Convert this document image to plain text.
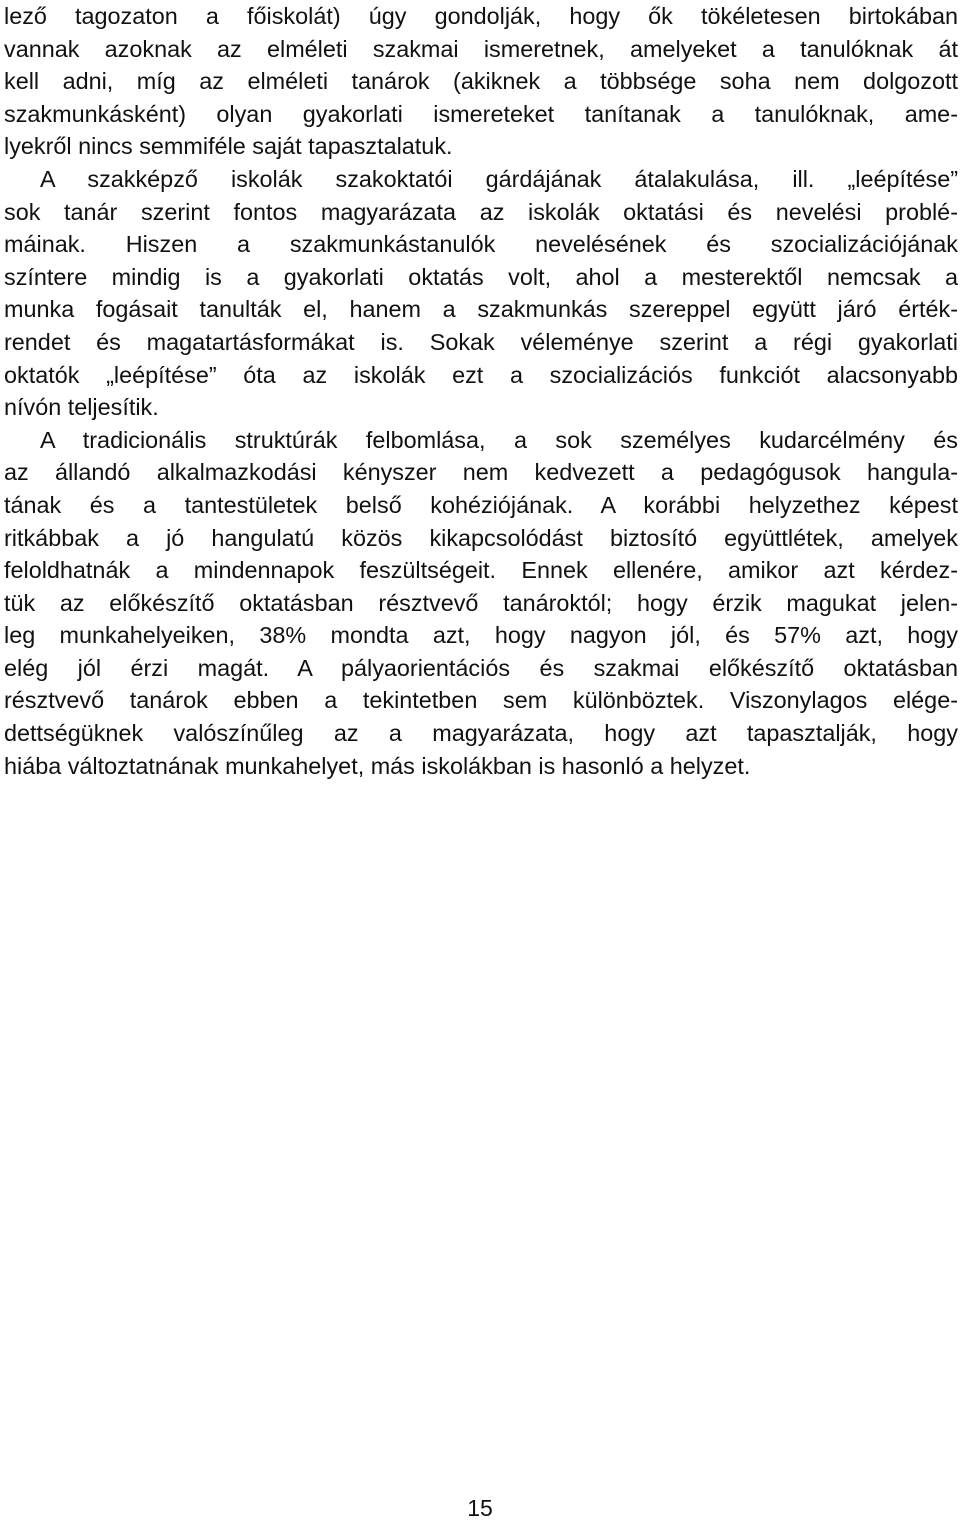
lező tagozaton a főiskolát) úgy gondolják, hogy ők tökéletesen birtokában
vannak azoknak az elméleti szakmai ismeretnek, amelyeket a tanulóknak át
kell adni, míg az elméleti tanárok (akiknek a többsége soha nem dolgozott
szakmunkásként) olyan gyakorlati ismereteket tanítanak a tanulóknak, ame-
lyekről nincs semmiféle saját tapasztalatuk.
A szakképző iskolák szakoktatói gárdájának átalakulása, ill. „leépítése”
sok tanár szerint fontos magyarázata az iskolák oktatási és nevelési problé-
máinak. Hiszen a szakmunkástanulók nevelésének és szocializációjának
színtere mindig is a gyakorlati oktatás volt, ahol a mesterektől nemcsak a
munka fogásait tanulták el, hanem a szakmunkás szereppel együtt járó érték-
rendet és magatartásformákat is. Sokak véleménye szerint a régi gyakorlati
oktatók „leépítése” óta az iskolák ezt a szocializációs funkciót alacsonyabb
nívón teljesítik.
A tradicionális struktúrák felbomlása, a sok személyes kudarcélmény és
az állandó alkalmazkodási kényszer nem kedvezett a pedagógusok hangula-
tának és a tantestületek belső kohéziójának. A korábbi helyzethez képest
ritkábbak a jó hangulatú közös kikapcsolódást biztosító együttlétek, amelyek
feloldhatnák a mindennapok feszültségeit. Ennek ellenére, amikor azt kérdez-
tük az előkészítő oktatásban résztvevő tanároktól; hogy érzik magukat jelen-
leg munkahelyeiken, 38% mondta azt, hogy nagyon jól, és 57% azt, hogy
elég jól érzi magát. A pályaorientációs és szakmai előkészítő oktatásban
résztvevő tanárok ebben a tekintetben sem különböztek. Viszonylagos elége-
dettségüknek valószínűleg az a magyarázata, hogy azt tapasztalják, hogy
hiába változtatnának munkahelyet, más iskolákban is hasonló a helyzet.
15
